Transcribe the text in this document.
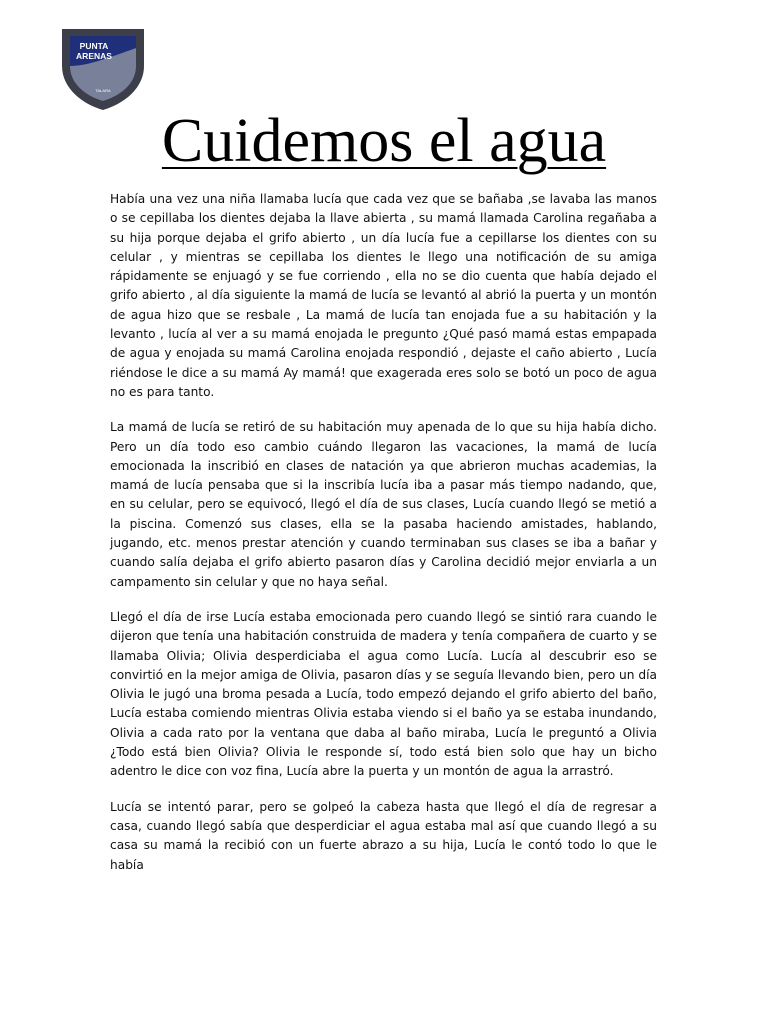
PUNTA
ARENAS
TALARA
Cuidemos el agua

Había una vez una niña llamaba lucía que cada vez que se bañaba ,se lavaba las manos o se cepillaba los dientes dejaba la llave abierta , su mamá llamada Carolina regañaba a su hija porque dejaba el grifo abierto , un día lucía fue a cepillarse los dientes con su celular , y mientras se cepillaba los dientes le llego una notificación de su amiga rápidamente se enjuagó y se fue corriendo , ella no se dio cuenta que había dejado el grifo abierto , al día siguiente la mamá de lucía se levantó al abrió la puerta y un montón de agua hizo que se resbale , La mamá de lucía tan enojada fue a su habitación y la levanto , lucía al ver a su mamá enojada le pregunto ¿Qué pasó mamá estas empapada de agua y enojada su mamá Carolina enojada respondió , dejaste el caño abierto , Lucía riéndose le dice a su mamá Ay mamá! que exagerada eres solo se botó un poco de agua no es para tanto.

La mamá de lucía se retiró de su habitación muy apenada de lo que su hija había dicho. Pero un día todo eso cambio cuándo llegaron las vacaciones, la mamá de lucía emocionada la inscribió en clases de natación ya que abrieron muchas academias, la mamá de lucía pensaba que si la inscribía lucía iba a pasar más tiempo nadando, que, en su celular, pero se equivocó, llegó el día de sus clases, Lucía cuando llegó se metió a la piscina. Comenzó sus clases, ella se la pasaba haciendo amistades, hablando, jugando, etc. menos prestar atención y cuando terminaban sus clases se iba a bañar y cuando salía dejaba el grifo abierto pasaron días y Carolina decidió mejor enviarla a un campamento sin celular y que no haya señal.

Llegó el día de irse Lucía estaba emocionada pero cuando llegó se sintió rara cuando le dijeron que tenía una habitación construida de madera y tenía compañera de cuarto y se llamaba Olivia; Olivia desperdiciaba el agua como Lucía. Lucía al descubrir eso se convirtió en la mejor amiga de Olivia, pasaron días y se seguía llevando bien, pero un día Olivia le jugó una broma pesada a Lucía, todo empezó dejando el grifo abierto del baño, Lucía estaba comiendo mientras Olivia estaba viendo si el baño ya se estaba inundando, Olivia a cada rato por la ventana que daba al baño miraba, Lucía le preguntó a Olivia ¿Todo está bien Olivia? Olivia le responde sí, todo está bien solo que hay un bicho adentro le dice con voz fina, Lucía abre la puerta y un montón de agua la arrastró.

Lucía se intentó parar, pero se golpeó la cabeza hasta que llegó el día de regresar a casa, cuando llegó sabía que desperdiciar el agua estaba mal así que cuando llegó a su casa su mamá la recibió con un fuerte abrazo a su hija, Lucía le contó todo lo que le había
